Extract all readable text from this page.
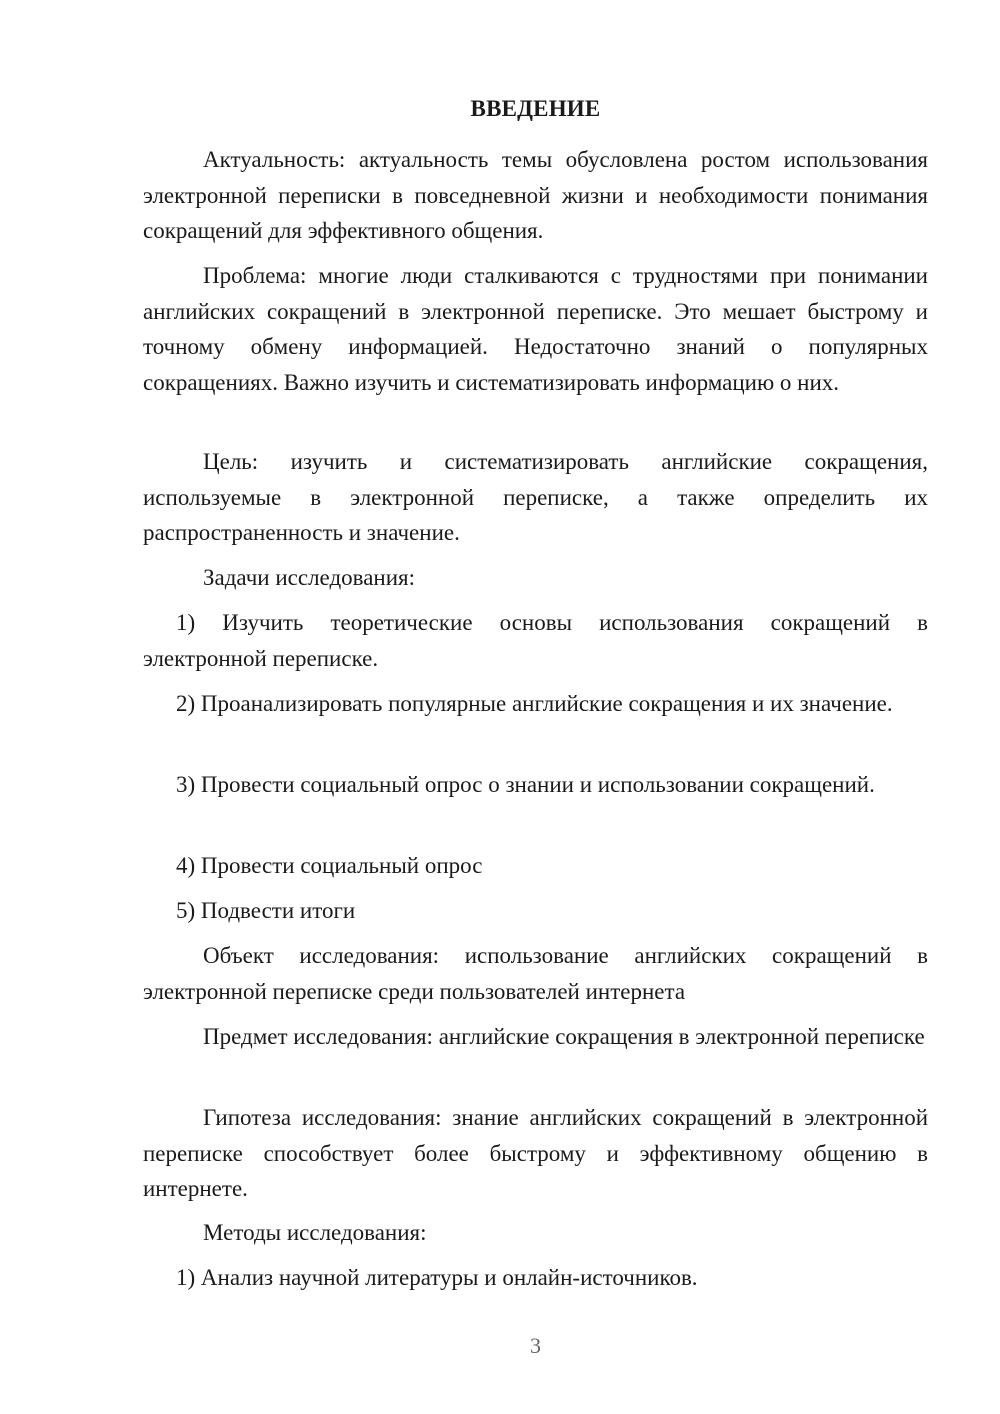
ВВЕДЕНИЕ
Актуальность: актуальность темы обусловлена ростом использования электронной переписки в повседневной жизни и необходимости понимания сокращений для эффективного общения.
Проблема: многие люди сталкиваются с трудностями при понимании английских сокращений в электронной переписке. Это мешает быстрому и точному обмену информацией. Недостаточно знаний о популярных сокращениях. Важно изучить и систематизировать информацию о них.
Цель: изучить и систематизировать английские сокращения, используемые в электронной переписке, а также определить их распространенность и значение.
Задачи исследования:
1) Изучить теоретические основы использования сокращений в электронной переписке.
2) Проанализировать популярные английские сокращения и их значение.
3) Провести социальный опрос о знании и использовании сокращений.
4) Провести социальный опрос
5) Подвести итоги
Объект исследования: использование английских сокращений в электронной переписке среди пользователей интернета
Предмет исследования: английские сокращения в электронной переписке
Гипотеза исследования: знание английских сокращений в электронной переписке способствует более быстрому и эффективному общению в интернете.
Методы исследования:
1) Анализ научной литературы и онлайн-источников.
3
